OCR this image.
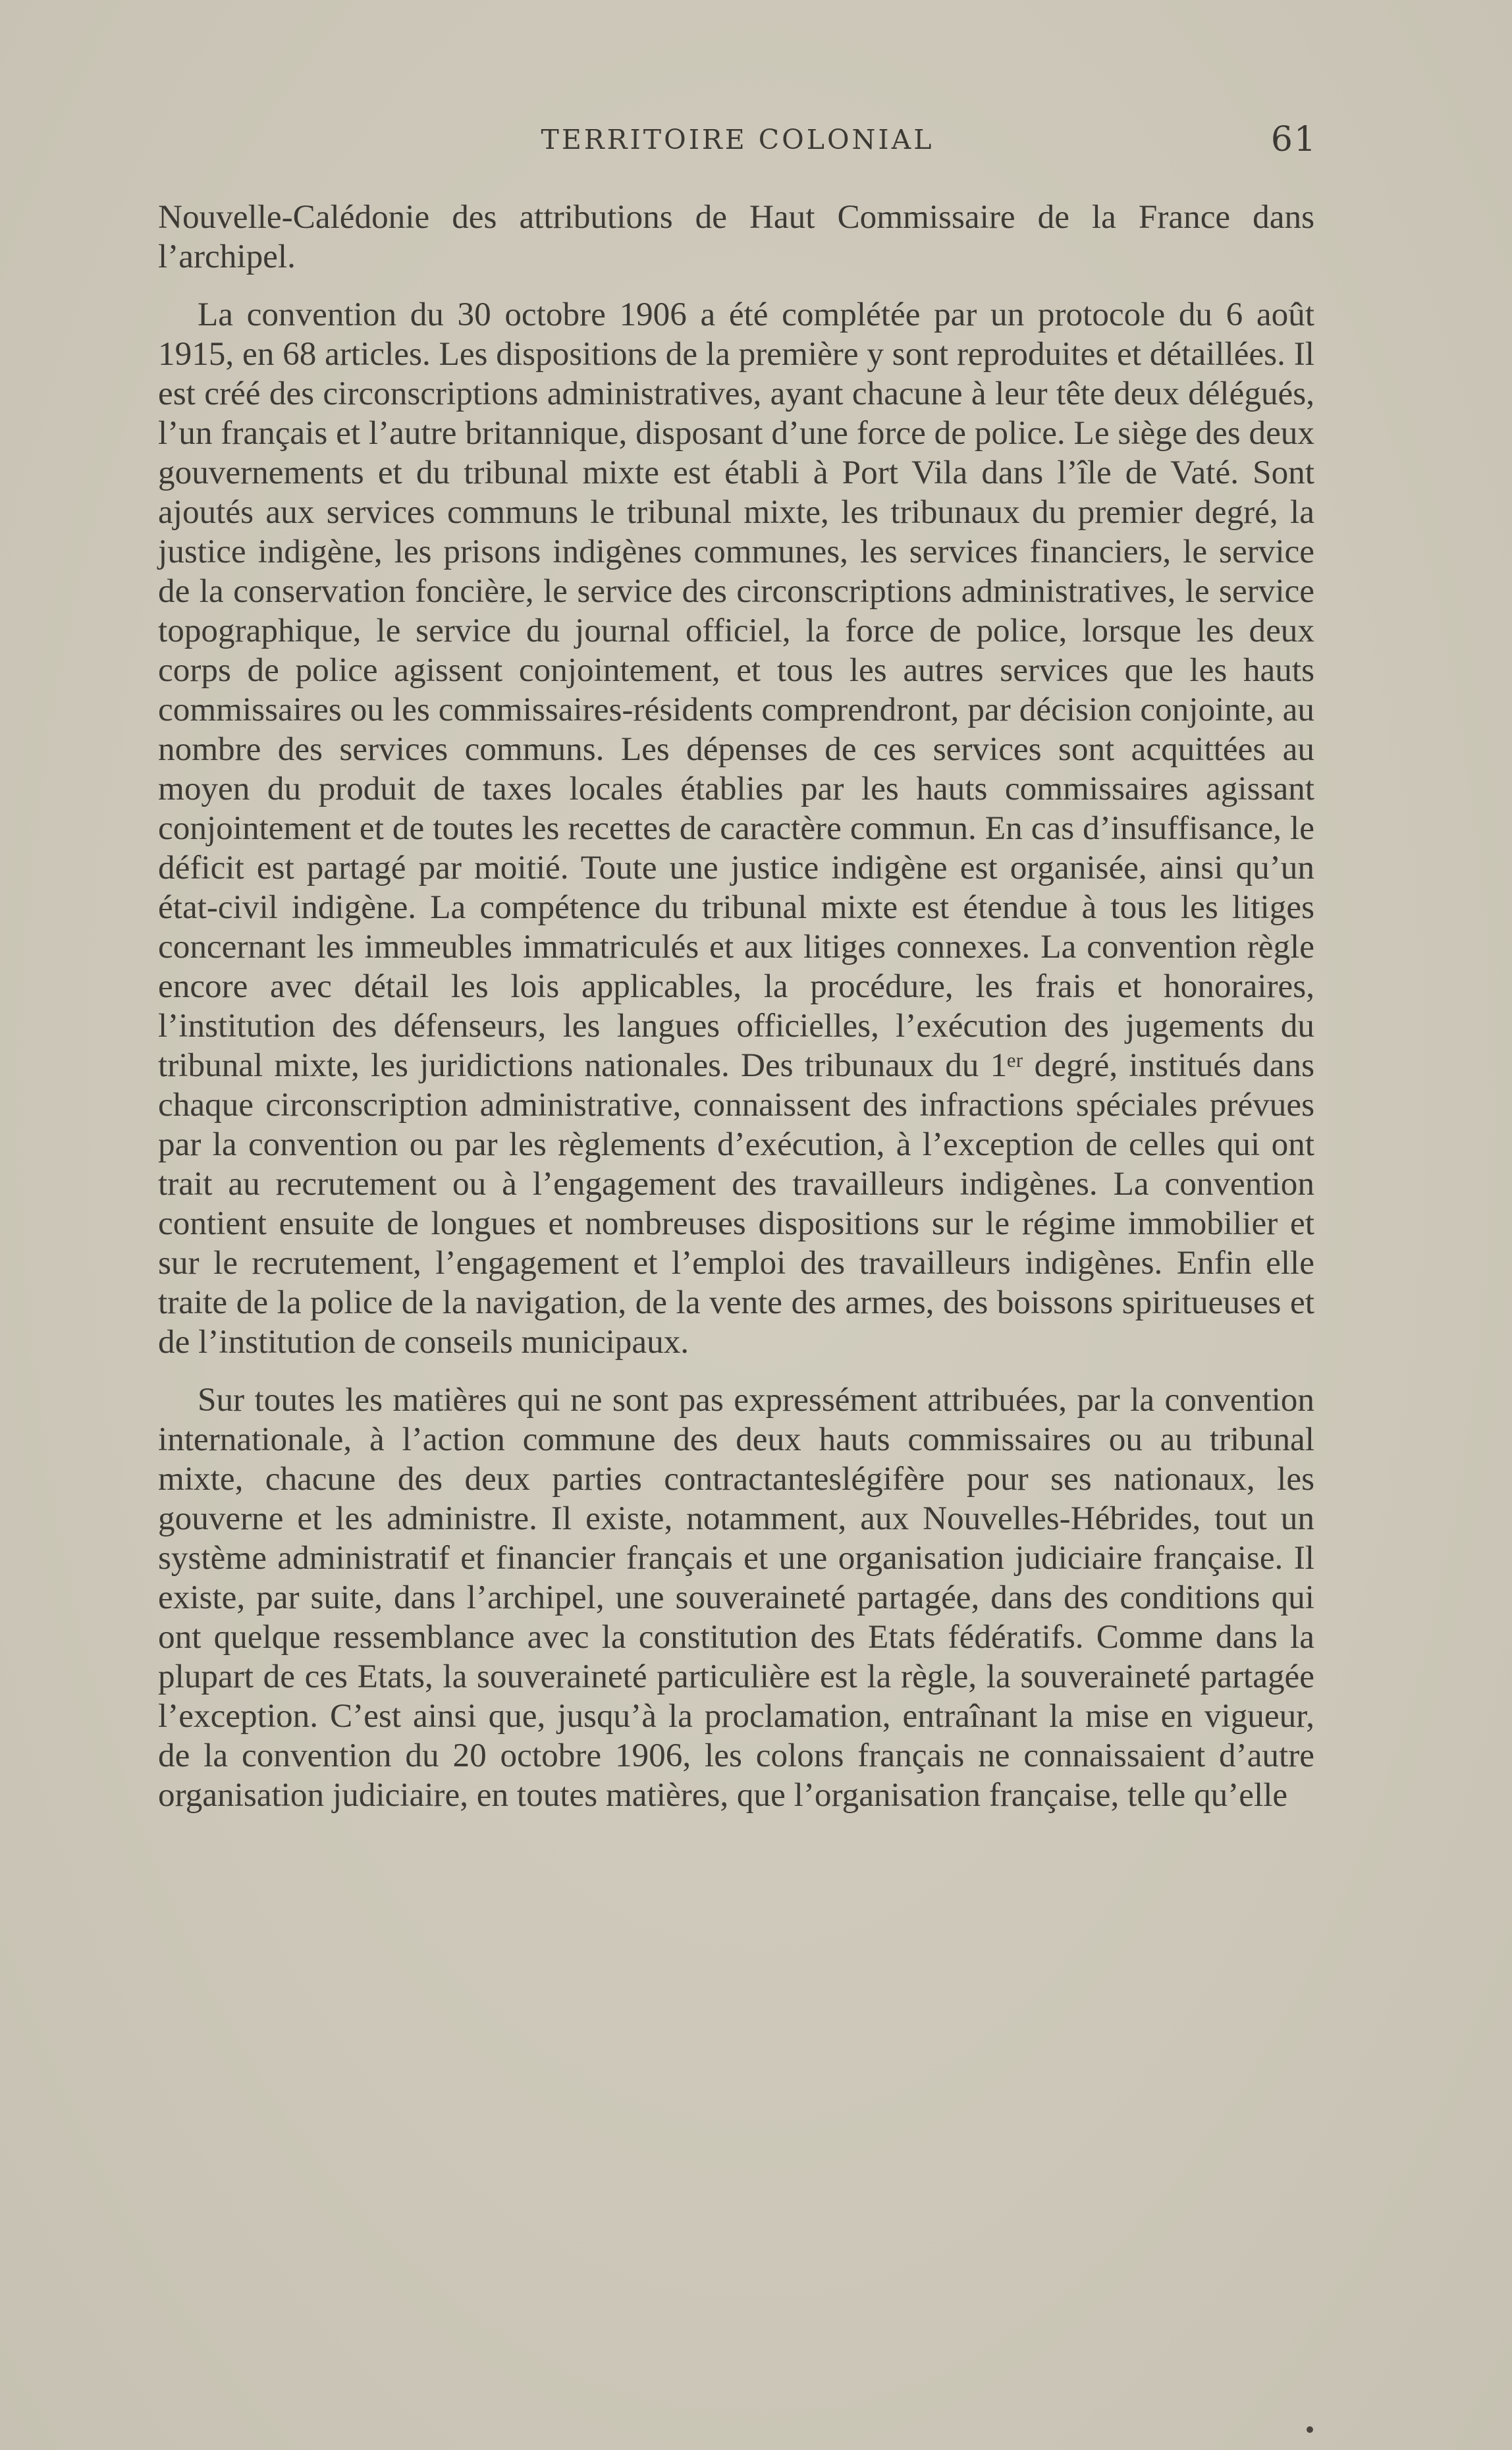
TERRITOIRE COLONIAL	61

Nouvelle-Calédonie des attributions de Haut Commissaire de la France dans l’archipel.

La convention du 30 octobre 1906 a été complétée par un protocole du 6 août 1915, en 68 articles. Les dispositions de la première y sont reproduites et détaillées. Il est créé des circonscriptions administratives, ayant chacune à leur tête deux délégués, l’un français et l’autre britannique, disposant d’une force de police. Le siège des deux gouvernements et du tribunal mixte est établi à Port Vila dans l’île de Vaté. Sont ajoutés aux services communs le tribunal mixte, les tribunaux du premier degré, la justice indigène, les prisons indigènes communes, les services financiers, le service de la conservation foncière, le service des circonscriptions administratives, le service topographique, le service du journal officiel, la force de police, lorsque les deux corps de police agissent conjointement, et tous les autres services que les hauts commissaires ou les commissaires-résidents comprendront, par décision conjointe, au nombre des services communs. Les dépenses de ces services sont acquittées au moyen du produit de taxes locales établies par les hauts commissaires agissant conjointement et de toutes les recettes de caractère commun. En cas d’insuffisance, le déficit est partagé par moitié. Toute une justice indigène est organisée, ainsi qu’un état-civil indigène. La compétence du tribunal mixte est étendue à tous les litiges concernant les immeubles immatriculés et aux litiges connexes. La convention règle encore avec détail les lois applicables, la procédure, les frais et honoraires, l’institution des défenseurs, les langues officielles, l’exécution des jugements du tribunal mixte, les juridictions nationales. Des tribunaux du 1ᵉʳ degré, institués dans chaque circonscription administrative, connaissent des infractions spéciales prévues par la convention ou par les règlements d’exécution, à l’exception de celles qui ont trait au recrutement ou à l’engagement des travailleurs indigènes. La convention contient ensuite de longues et nombreuses dispositions sur le régime immobilier et sur le recrutement, l’engagement et l’emploi des travailleurs indigènes. Enfin elle traite de la police de la navigation, de la vente des armes, des boissons spiritueuses et de l’institution de conseils municipaux.

Sur toutes les matières qui ne sont pas expressément attribuées, par la convention internationale, à l’action commune des deux hauts commissaires ou au tribunal mixte, chacune des deux parties contractanteslégifère pour ses nationaux, les gouverne et les administre. Il existe, notamment, aux Nouvelles-Hébrides, tout un système administratif et financier français et une organisation judiciaire française. Il existe, par suite, dans l’archipel, une souveraineté partagée, dans des conditions qui ont quelque ressemblance avec la constitution des Etats fédératifs. Comme dans la plupart de ces Etats, la souveraineté particulière est la règle, la souveraineté partagée l’exception. C’est ainsi que, jusqu’à la proclamation, entraînant la mise en vigueur, de la convention du 20 octobre 1906, les colons français ne connaissaient d’autre organisation judiciaire, en toutes matières, que l’organisation française, telle qu’elle
